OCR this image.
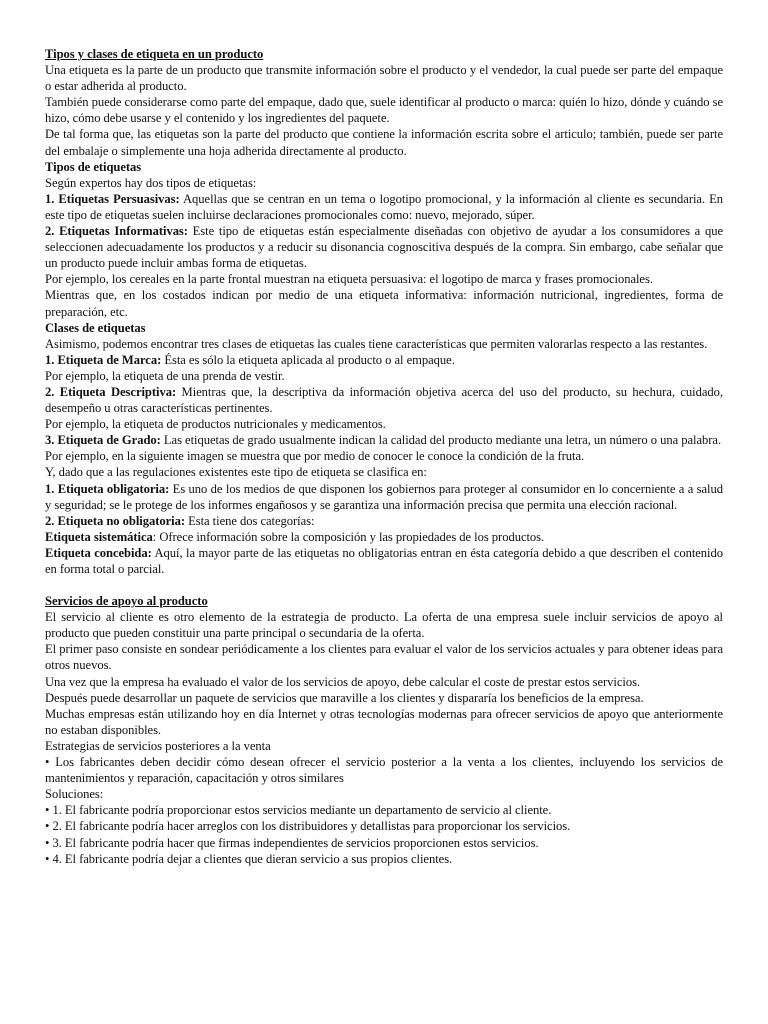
Tipos y clases de etiqueta en un producto

Una etiqueta es la parte de un producto que transmite información sobre el producto y el vendedor, la cual puede ser parte del empaque o estar adherida al producto.

También puede considerarse como parte del empaque, dado que, suele identificar al producto o marca: quién lo hizo, dónde y cuándo se hizo, cómo debe usarse y el contenido y los ingredientes del paquete.

De tal forma que, las etiquetas son la parte del producto que contiene la información escrita sobre el articulo; también, puede ser parte del embalaje o simplemente una hoja adherida directamente al producto.

Tipos de etiquetas

Según expertos hay dos tipos de etiquetas:

1. Etiquetas Persuasivas: Aquellas que se centran en un tema o logotipo promocional, y la información al cliente es secundaria. En este tipo de etiquetas suelen incluirse declaraciones promocionales como: nuevo, mejorado, súper.

2. Etiquetas Informativas: Este tipo de etiquetas están especialmente diseñadas con objetivo de ayudar a los consumidores a que seleccionen adecuadamente los productos y a reducir su disonancia cognoscitiva después de la compra. Sin embargo, cabe señalar que un producto puede incluir ambas forma de etiquetas.

Por ejemplo, los cereales en la parte frontal muestran na etiqueta persuasiva: el logotipo de marca y frases promocionales.

Mientras que, en los costados indican por medio de una etiqueta informativa: información nutricional, ingredientes, forma de preparación, etc.

Clases de etiquetas

Asimismo, podemos encontrar tres clases de etiquetas las cuales tiene características que permiten valorarlas respecto a las restantes.

1. Etiqueta de Marca: Ésta es sólo la etiqueta aplicada al producto o al empaque.

Por ejemplo, la etiqueta de una prenda de vestir.

2. Etiqueta Descriptiva: Mientras que, la descriptiva da información objetiva acerca del uso del producto, su hechura, cuidado, desempeño u otras características pertinentes.

Por ejemplo, la etiqueta de productos nutricionales y medicamentos.

3. Etiqueta de Grado: Las etiquetas de grado usualmente indican la calidad del producto mediante una letra, un número o una palabra.

Por ejemplo, en la siguiente imagen se muestra que por medio de conocer le conoce la condición de la fruta.

Y, dado que a las regulaciones existentes este tipo de etiqueta se clasifica en:

1. Etiqueta obligatoria: Es uno de los medios de que disponen los gobiernos para proteger al consumidor en lo concerniente a a salud y seguridad; se le protege de los informes engañosos y se garantiza una información precisa que permita una elección racional.

2. Etiqueta no obligatoria: Esta tiene dos categorías:

Etiqueta sistemática: Ofrece información sobre la composición y las propiedades de los productos.

Etiqueta concebida: Aquí, la mayor parte de las etiquetas no obligatorias entran en ésta categoría debido a que describen el contenido en forma total o parcial.

Servicios de apoyo al producto

El servicio al cliente es otro elemento de la estrategia de producto. La oferta de una empresa suele incluir servicios de apoyo al producto que pueden constituir una parte principal o secundaria de la oferta.

El primer paso consiste en sondear periódicamente a los clientes para evaluar el valor de los servicios actuales y para obtener ideas para otros nuevos.

Una vez que la empresa ha evaluado el valor de los servicios de apoyo, debe calcular el coste de prestar estos servicios.

Después puede desarrollar un paquete de servicios que maraville a los clientes y dispararía los beneficios de la empresa.

Muchas empresas están utilizando hoy en día Internet y otras tecnologías modernas para ofrecer servicios de apoyo que anteriormente no estaban disponibles.

Estrategias de servicios posteriores a la venta

• Los fabricantes deben decidir cómo desean ofrecer el servicio posterior a la venta a los clientes, incluyendo los servicios de mantenimientos y reparación, capacitación y otros similares

Soluciones:

• 1. El fabricante podría proporcionar estos servicios mediante un departamento de servicio al cliente.

• 2. El fabricante podría hacer arreglos con los distribuidores y detallistas para proporcionar los servicios.

• 3. El fabricante podría hacer que firmas independientes de servicios proporcionen estos servicios.

• 4. El fabricante podría dejar a clientes que dieran servicio a sus propios clientes.
